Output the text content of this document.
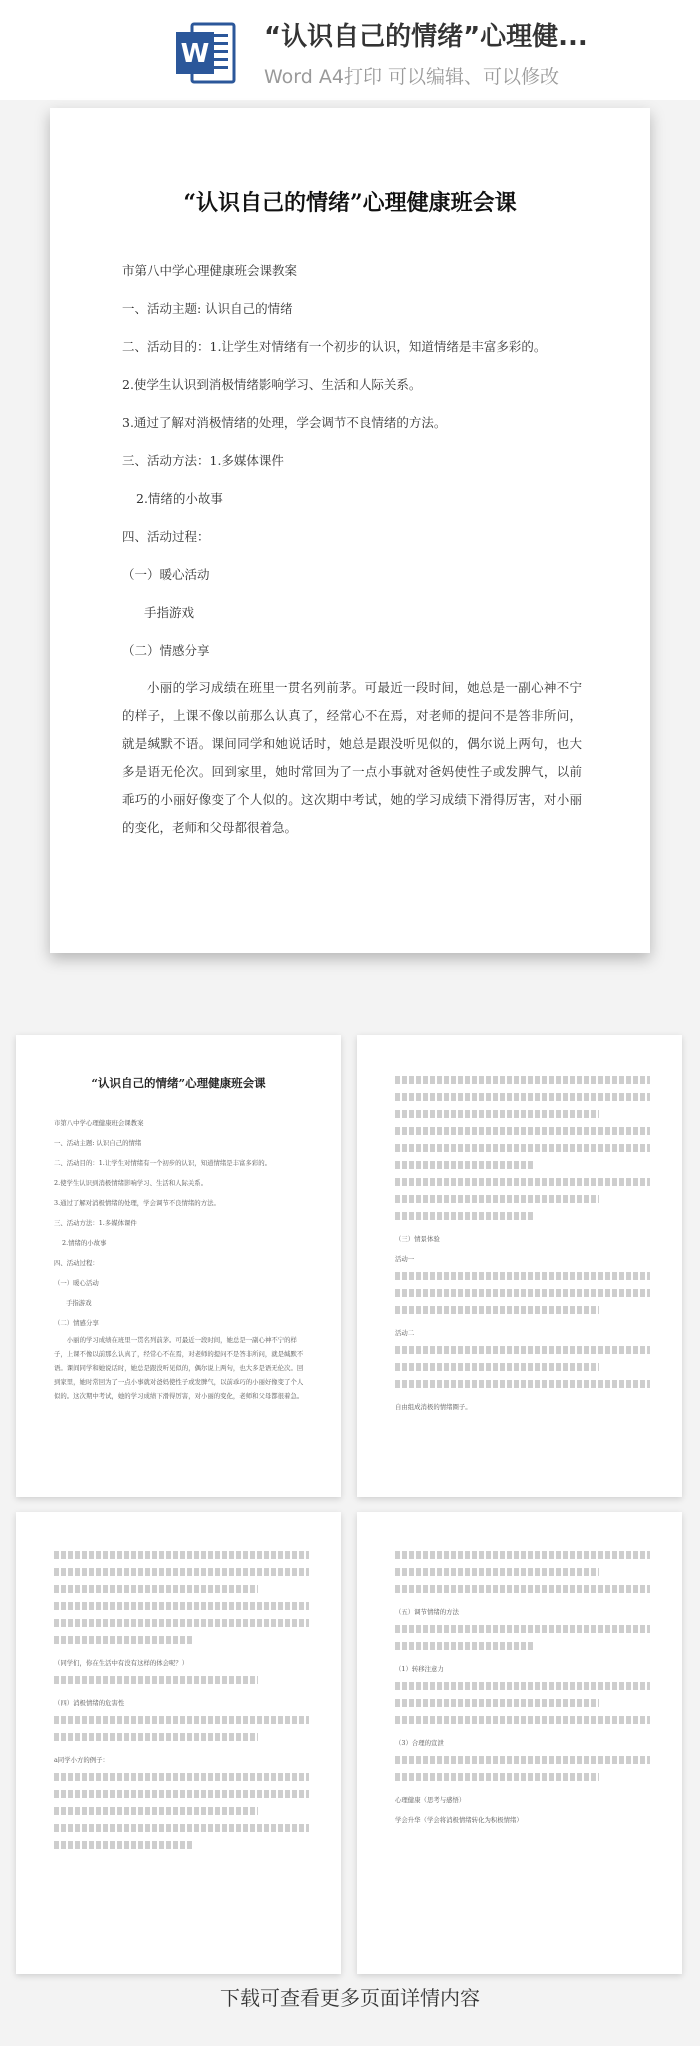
W
“认识自己的情绪”心理健...
Word A4打印 可以编辑、可以修改
“认识自己的情绪”心理健康班会课
市第八中学心理健康班会课教案
一、活动主题: 认识自己的情绪
二、活动目的：1.让学生对情绪有一个初步的认识，知道情绪是丰富多彩的。
2.使学生认识到消极情绪影响学习、生活和人际关系。
3.通过了解对消极情绪的处理，学会调节不良情绪的方法。
三、活动方法：1.多媒体课件
2.情绪的小故事
四、活动过程：
（一）暖心活动
手指游戏
（二）情感分享
小丽的学习成绩在班里一贯名列前茅。可最近一段时间，她总是一副心神不宁的样子，上课不像以前那么认真了，经常心不在焉，对老师的提问不是答非所问，就是缄默不语。课间同学和她说话时，她总是跟没听见似的，偶尔说上两句，也大多是语无伦次。回到家里，她时常回为了一点小事就对爸妈使性子或发脾气，以前乖巧的小丽好像变了个人似的。这次期中考试，她的学习成绩下滑得厉害，对小丽的变化，老师和父母都很着急。
“认识自己的情绪”心理健康班会课
市第八中学心理健康班会课教案
一、活动主题: 认识自己的情绪
二、活动目的：1.让学生对情绪有一个初步的认识，知道情绪是丰富多彩的。
2.使学生认识到消极情绪影响学习、生活和人际关系。
3.通过了解对消极情绪的处理，学会调节不良情绪的方法。
三、活动方法：1.多媒体课件
2.情绪的小故事
四、活动过程：
（一）暖心活动
手指游戏
（二）情感分享
小丽的学习成绩在班里一贯名列前茅。可最近一段时间，她总是一副心神不宁的样子，上课不像以前那么认真了，经常心不在焉，对老师的提问不是答非所问，就是缄默不语。课间同学和她说话时，她总是跟没听见似的，偶尔说上两句，也大多是语无伦次。回到家里，她时常回为了一点小事就对爸妈使性子或发脾气，以前乖巧的小丽好像变了个人似的。这次期中考试，她的学习成绩下滑得厉害，对小丽的变化，老师和父母都很着急。
（三）情景体验
活动一
活动二
自由组成消极的情绪圈子。
（同学们，你在生活中有没有这样的体会呢？）
（四）消极情绪的危害性
a同学小方的例子：
（五）调节情绪的方法
（1）转移注意力
（3）合理的宣泄
心理健康（思考与感悟）
学会升华（学会将消极情绪转化为积极情绪）
下载可查看更多页面详情内容
